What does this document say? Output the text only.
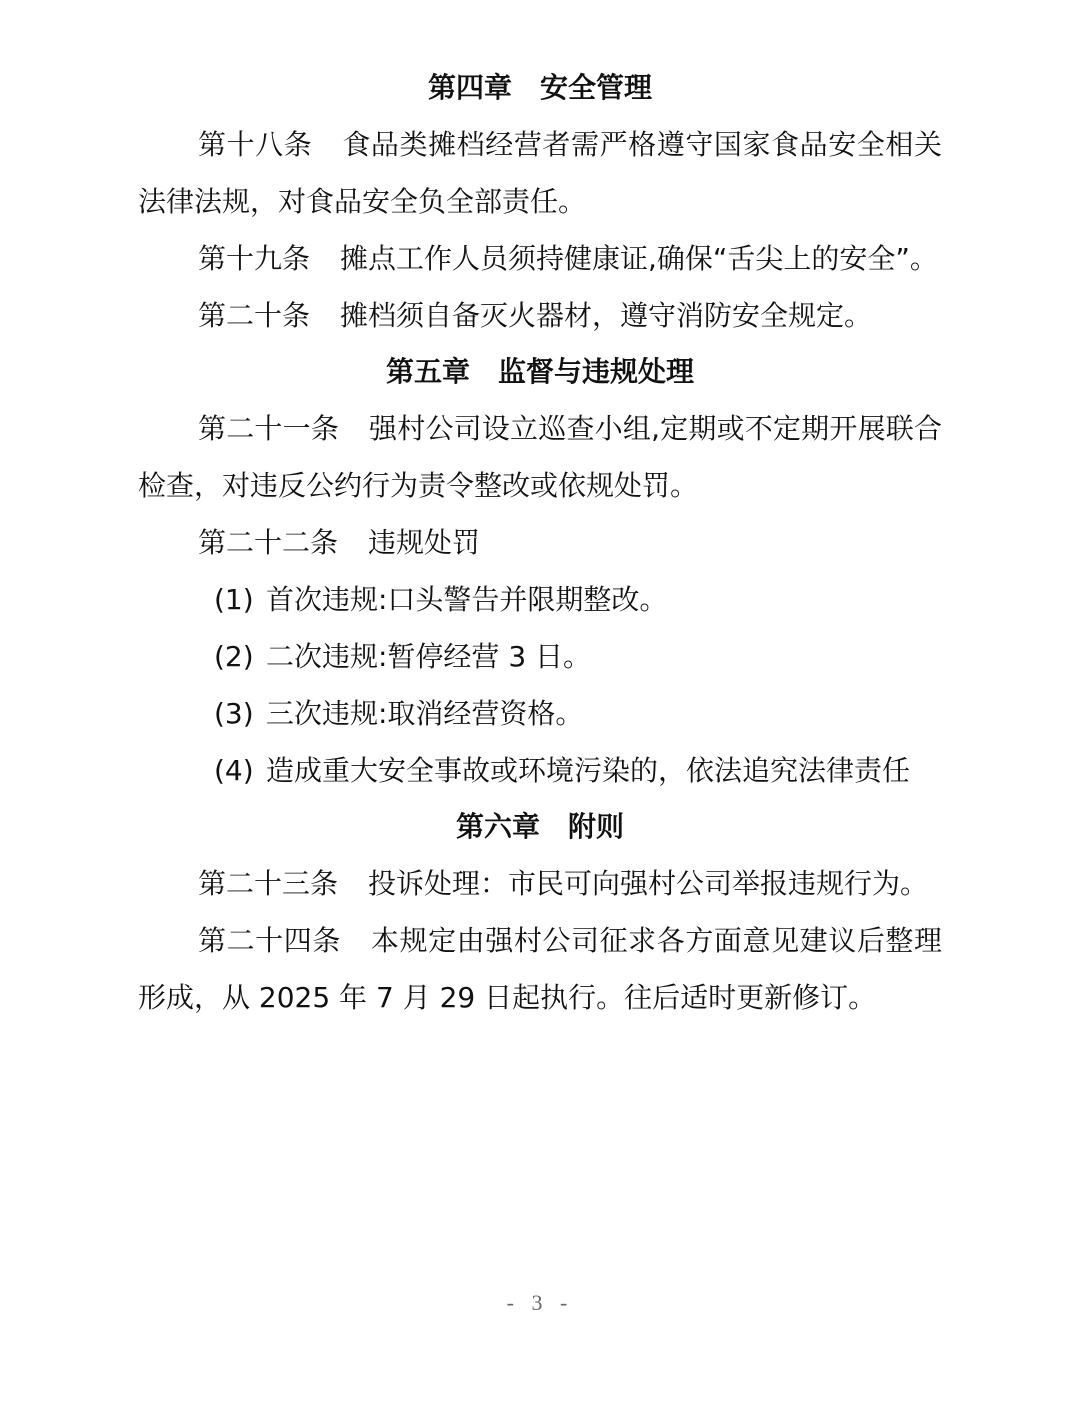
第四章　安全管理

第十八条 食品类摊档经营者需严格遵守国家食品安全相关法律法规，对食品安全负全部责任。

第十九条 摊点工作人员须持健康证,确保“舌尖上的安全”。

第二十条 摊档须自备灭火器材，遵守消防安全规定。

第五章　监督与违规处理

第二十一条 强村公司设立巡查小组,定期或不定期开展联合检查，对违反公约行为责令整改或依规处罚。

第二十二条 违规处罚

(1) 首次违规:口头警告并限期整改。

(2) 二次违规:暂停经营 3 日。

(3) 三次违规:取消经营资格。

(4) 造成重大安全事故或环境污染的，依法追究法律责任

第六章　附则

第二十三条 投诉处理：市民可向强村公司举报违规行为。

第二十四条 本规定由强村公司征求各方面意见建议后整理形成，从 2025 年 7 月 29 日起执行。往后适时更新修订。

- 3 -
